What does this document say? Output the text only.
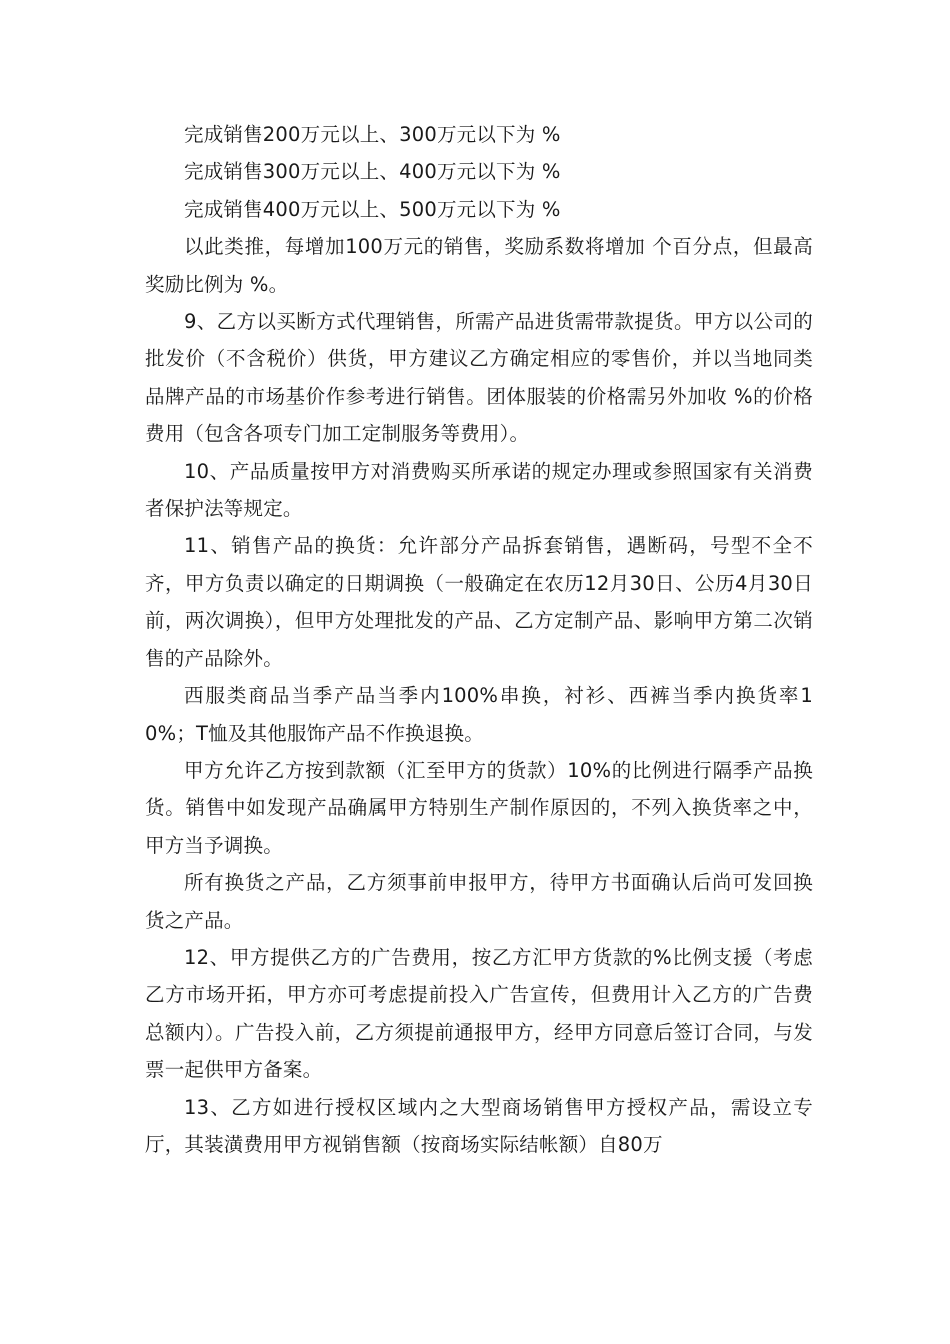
完成销售200万元以上、300万元以下为 %

完成销售300万元以上、400万元以下为 %

完成销售400万元以上、500万元以下为 %

以此类推，每增加100万元的销售，奖励系数将增加 个百分点，但最高奖励比例为 %。

9、乙方以买断方式代理销售，所需产品进货需带款提货。甲方以公司的批发价（不含税价）供货，甲方建议乙方确定相应的零售价，并以当地同类品牌产品的市场基价作参考进行销售。团体服装的价格需另外加收 %的价格费用（包含各项专门加工定制服务等费用）。

10、产品质量按甲方对消费购买所承诺的规定办理或参照国家有关消费者保护法等规定。

11、销售产品的换货：允许部分产品拆套销售，遇断码，号型不全不齐，甲方负责以确定的日期调换（一般确定在农历12月30日、公历4月30日前，两次调换），但甲方处理批发的产品、乙方定制产品、影响甲方第二次销售的产品除外。

西服类商品当季产品当季内100%串换，衬衫、西裤当季内换货率10%；T恤及其他服饰产品不作换退换。

甲方允许乙方按到款额（汇至甲方的货款）10%的比例进行隔季产品换货。销售中如发现产品确属甲方特别生产制作原因的，不列入换货率之中，甲方当予调换。

所有换货之产品，乙方须事前申报甲方，待甲方书面确认后尚可发回换货之产品。

12、甲方提供乙方的广告费用，按乙方汇甲方货款的%比例支援（考虑乙方市场开拓，甲方亦可考虑提前投入广告宣传，但费用计入乙方的广告费总额内）。广告投入前，乙方须提前通报甲方，经甲方同意后签订合同，与发票一起供甲方备案。

13、乙方如进行授权区域内之大型商场销售甲方授权产品，需设立专厅，其装潢费用甲方视销售额（按商场实际结帐额）自80万
